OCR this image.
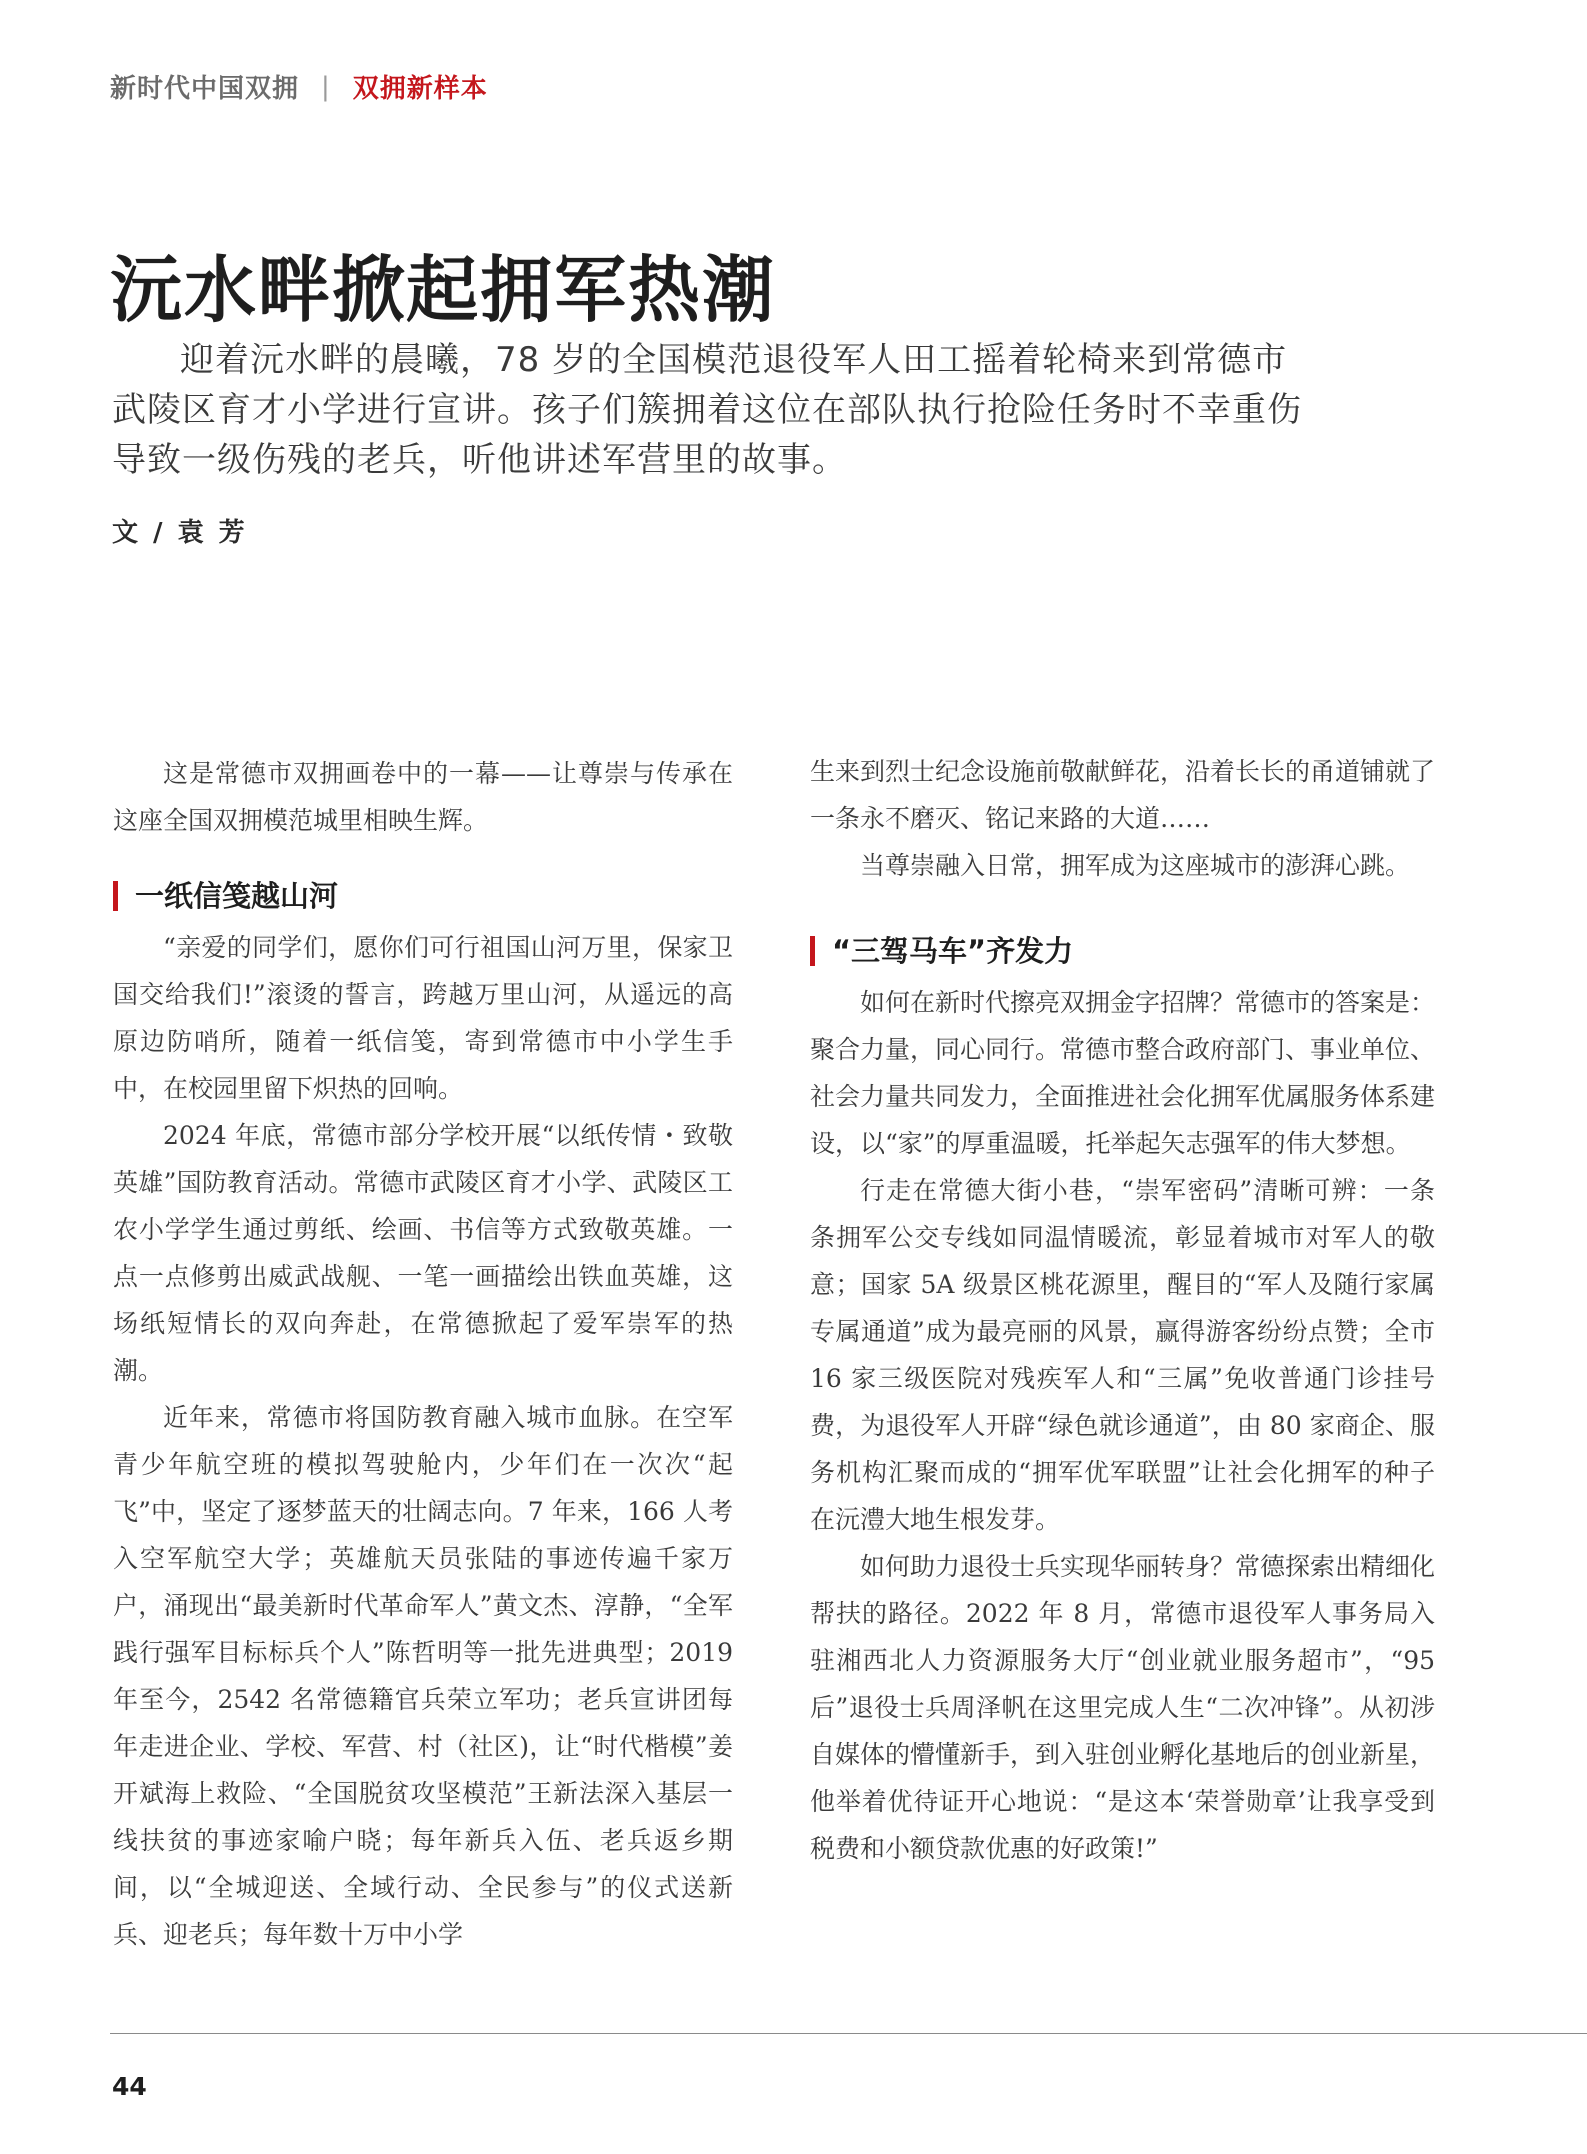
新时代中国双拥 | 双拥新样本
沅水畔掀起拥军热潮

迎着沅水畔的晨曦，78 岁的全国模范退役军人田工摇着轮椅来到常德市武陵区育才小学进行宣讲。孩子们簇拥着这位在部队执行抢险任务时不幸重伤导致一级伤残的老兵，听他讲述军营里的故事。

文 / 袁 芳

这是常德市双拥画卷中的一幕——让尊崇与传承在这座全国双拥模范城里相映生辉。

一纸信笺越山河

“亲爱的同学们，愿你们可行祖国山河万里，保家卫国交给我们!”滚烫的誓言，跨越万里山河，从遥远的高原边防哨所，随着一纸信笺，寄到常德市中小学生手中，在校园里留下炽热的回响。

2024 年底，常德市部分学校开展“以纸传情・致敬英雄”国防教育活动。常德市武陵区育才小学、武陵区工农小学学生通过剪纸、绘画、书信等方式致敬英雄。一点一点修剪出威武战舰、一笔一画描绘出铁血英雄，这场纸短情长的双向奔赴，在常德掀起了爱军崇军的热潮。

近年来，常德市将国防教育融入城市血脉。在空军青少年航空班的模拟驾驶舱内，少年们在一次次“起飞”中，坚定了逐梦蓝天的壮阔志向。7 年来，166 人考入空军航空大学；英雄航天员张陆的事迹传遍千家万户，涌现出“最美新时代革命军人”黄文杰、淳静，“全军践行强军目标标兵个人”陈哲明等一批先进典型；2019 年至今，2542 名常德籍官兵荣立军功；老兵宣讲团每年走进企业、学校、军营、村（社区)，让“时代楷模”姜开斌海上救险、“全国脱贫攻坚模范”王新法深入基层一线扶贫的事迹家喻户晓；每年新兵入伍、老兵返乡期间，以“全城迎送、全域行动、全民参与”的仪式送新兵、迎老兵；每年数十万中小学

生来到烈士纪念设施前敬献鲜花，沿着长长的甬道铺就了一条永不磨灭、铭记来路的大道……

当尊崇融入日常，拥军成为这座城市的澎湃心跳。

“三驾马车”齐发力

如何在新时代擦亮双拥金字招牌？常德市的答案是：聚合力量，同心同行。常德市整合政府部门、事业单位、社会力量共同发力，全面推进社会化拥军优属服务体系建设，以“家”的厚重温暖，托举起矢志强军的伟大梦想。

行走在常德大街小巷，“崇军密码”清晰可辨：一条条拥军公交专线如同温情暖流，彰显着城市对军人的敬意；国家 5A 级景区桃花源里，醒目的“军人及随行家属专属通道”成为最亮丽的风景，赢得游客纷纷点赞；全市 16 家三级医院对残疾军人和“三属”免收普通门诊挂号费，为退役军人开辟“绿色就诊通道”，由 80 家商企、服务机构汇聚而成的“拥军优军联盟”让社会化拥军的种子在沅澧大地生根发芽。

如何助力退役士兵实现华丽转身？常德探索出精细化帮扶的路径。2022 年 8 月，常德市退役军人事务局入驻湘西北人力资源服务大厅“创业就业服务超市”，“95 后”退役士兵周泽帆在这里完成人生“二次冲锋”。从初涉自媒体的懵懂新手，到入驻创业孵化基地后的创业新星，他举着优待证开心地说：“是这本‘荣誉勋章’让我享受到税费和小额贷款优惠的好政策!”

44
